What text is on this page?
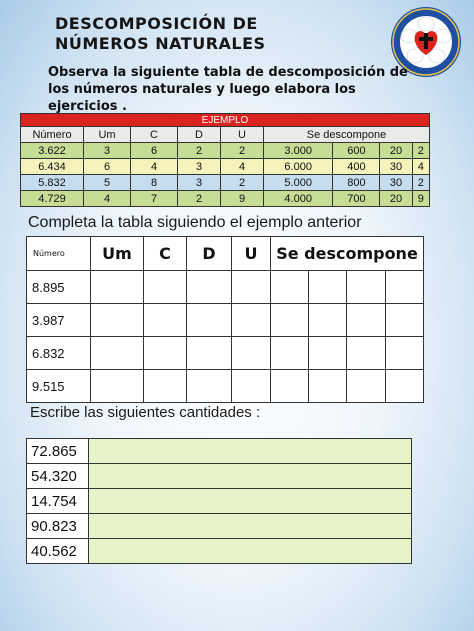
DESCOMPOSICIÓN DE NÚMEROS NATURALES
Observa la siguiente tabla de descomposición de los números naturales y luego elabora los ejercicios .
EJEMPLO								
Número	Um	C	D	U	Se descompone			
3.622	3	6	2	2	3.000	600	20	2
6.434	6	4	3	4	6.000	400	30	4
5.832	5	8	3	2	5.000	800	30	2
4.729	4	7	2	9	4.000	700	20	9
Completa la tabla siguiendo el ejemplo anterior
Número	Um	C	D	U	Se descompone			
8.895								
3.987								
6.832								
9.515								
Escribe las siguientes cantidades :
72.865	
54.320	
14.754	
90.823	
40.562	
